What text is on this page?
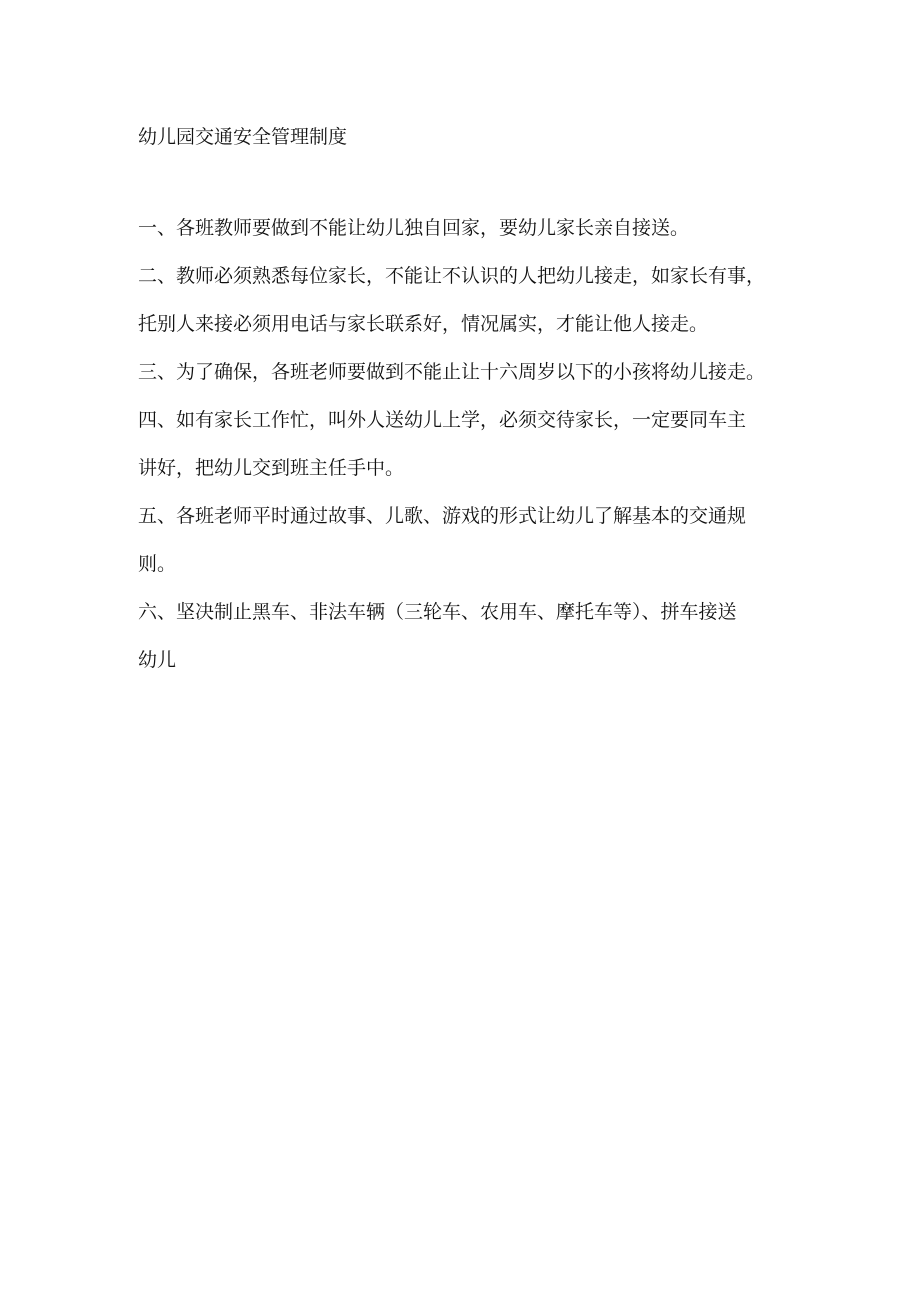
幼儿园交通安全管理制度

一、各班教师要做到不能让幼儿独自回家，要幼儿家长亲自接送。

二、教师必须熟悉每位家长，不能让不认识的人把幼儿接走，如家长有事，

托别人来接必须用电话与家长联系好，情况属实，才能让他人接走。

三、为了确保，各班老师要做到不能止让十六周岁以下的小孩将幼儿接走。

四、如有家长工作忙，叫外人送幼儿上学，必须交待家长，一定要同车主

讲好，把幼儿交到班主任手中。

五、各班老师平时通过故事、儿歌、游戏的形式让幼儿了解基本的交通规

则。

六、坚决制止黑车、非法车辆（三轮车、农用车、摩托车等）、拼车接送

幼儿
